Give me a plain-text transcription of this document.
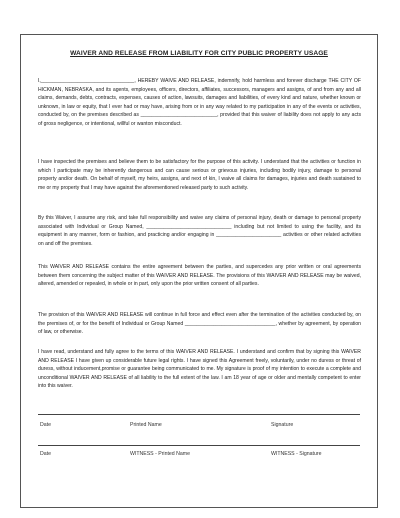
WAIVER AND RELEASE FROM LIABILITY FOR CITY PUBLIC PROPERTY USAGE

I,_________________________________, HEREBY WAIVE AND RELEASE, indemnify, hold harmless and forever discharge THE CITY OF HICKMAN, NEBRASKA, and its agents, employees, officers, directors, affiliates, successors, managers and assigns, of and from any and all claims, demands, debts, contracts, expenses, causes of action, lawsuits, damages and liabilities, of every kind and nature, whether known or unknown, in law or equity, that I ever had or may have, arising from or in any way related to my participation in any of the events or activities, conducted by, on the premises described as ___________________________, provided that this waiver of liability does not apply to any acts of gross negligence, or intentional, willful or wanton misconduct.

I have inspected the premises and believe them to be satisfactory for the purpose of this activity. I understand that the activities or function in which I participate may be inherently dangerous and can cause serious or grievous injuries, including bodily injury, damage to personal property and/or death. On behalf of myself, my heirs, assigns, and next of kin, I waive all claims for damages, injuries and death sustained to me or my property that I may have against the aforementioned released party to such activity.

By this Waiver, I assume any risk, and take full responsibility and waive any claims of personal injury, death or damage to personal property associated with Individual or Group Named, ______________________________ including but not limited to using the facility, and its equipment in any manner, form or fashion, and practicing and/or engaging in _______________________ activities or other related activities on and off the premises.

This WAIVER AND RELEASE contains the entire agreement between the parties, and supercedes any prior written or oral agreements between them concerning the subject matter of this WAIVER AND RELEASE. The provisions of this WAIVER AND RELEASE may be waived, altered, amended or repealed, in whole or in part, only upon the prior written consent of all parties.

The provision of this WAIVER AND RELEASE will continue in full force and effect even after the termination of the activities conducted by, on the premises of, or for the benefit of Individual or Group Named ________________________________, whether by agreement, by operation of law, or otherwise.

I have read, understand and fully agree to the terms of this WAIVER AND RELEASE. I understand and confirm that by signing this WAIVER AND RELEASE I have given up considerable future legal rights. I have signed this Agreement freely, voluntarily, under no duress or threat of duress, without inducement,promise or guarantee being communicated to me. My signature is proof of my intention to execute a complete and unconditional WAIVER AND RELEASE of all liability to the full extent of the law. I am 18 year of age or older and mentally competent to enter into this waiver.

Date	Printed Name	Signature
Date	WITNESS - Printed Name	WITNESS - Signature
